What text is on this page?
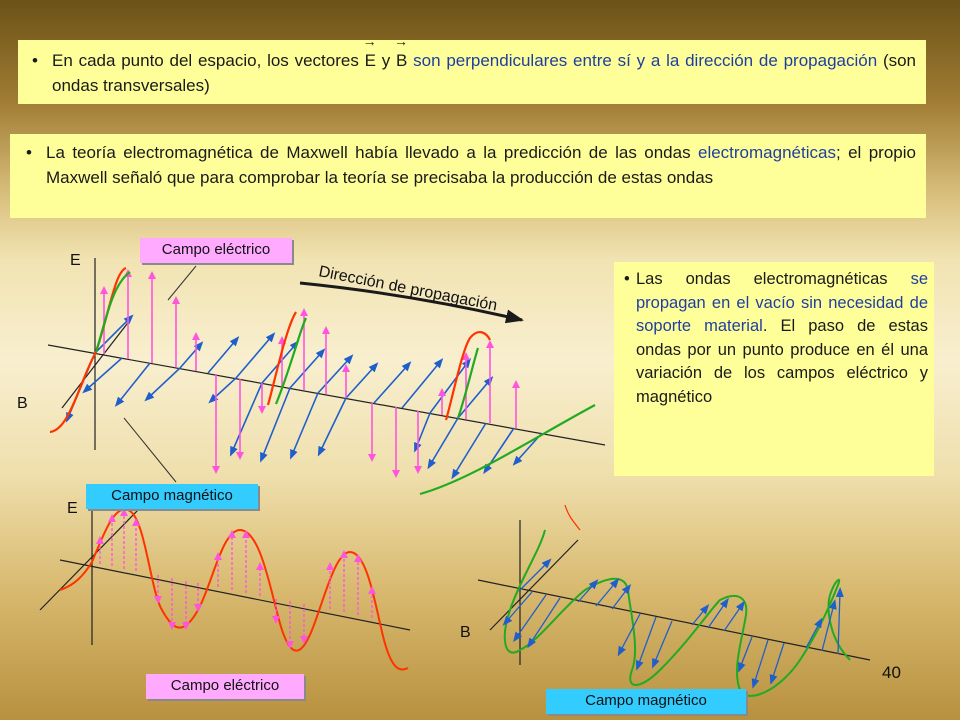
• En cada punto del espacio, los vectores
→
E y
→
B son perpendiculares entre sí y a la dirección de propagación (son ondas transversales)
• La teoría electromagnética de Maxwell había llevado a la predicción de las ondas electromagnéticas; el propio Maxwell señaló que para comprobar la teoría se precisaba la producción de estas ondas
• Las ondas electromagnéticas se propagan en el vacío sin necesidad de soporte material. El paso de estas ondas por un punto produce en él una variación de los campos eléctrico y magnético
Dirección de propagación
E
B
E
B
Campo eléctrico
Campo magnético
Campo eléctrico
Campo magnético
40
